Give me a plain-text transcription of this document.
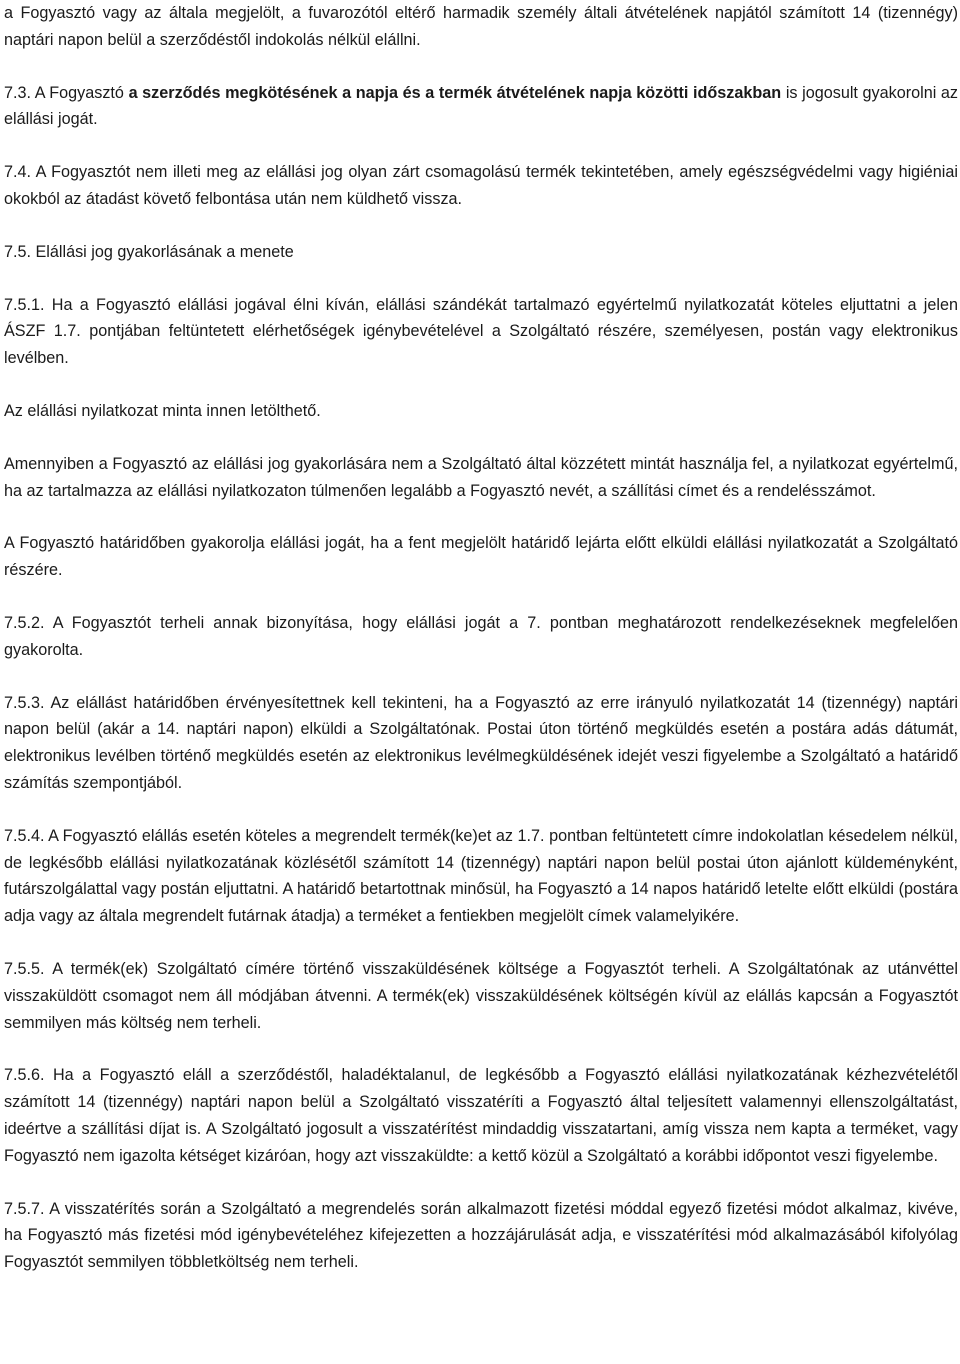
a Fogyasztó vagy az általa megjelölt, a fuvarozótól eltérő harmadik személy általi átvételének napjától számított 14 (tizennégy) naptári napon belül a szerződéstől indokolás nélkül elállni.

7.3. A Fogyasztó a szerződés megkötésének a napja és a termék átvételének napja közötti időszakban is jogosult gyakorolni az elállási jogát.

7.4. A Fogyasztót nem illeti meg az elállási jog olyan zárt csomagolású termék tekintetében, amely egészségvédelmi vagy higiéniai okokból az átadást követő felbontása után nem küldhető vissza.

7.5. Elállási jog gyakorlásának a menete

7.5.1. Ha a Fogyasztó elállási jogával élni kíván, elállási szándékát tartalmazó egyértelmű nyilatkozatát köteles eljuttatni a jelen ÁSZF 1.7. pontjában feltüntetett elérhetőségek igénybevételével a Szolgáltató részére, személyesen, postán vagy elektronikus levélben.

Az elállási nyilatkozat minta innen letölthető.

Amennyiben a Fogyasztó az elállási jog gyakorlására nem a Szolgáltató által közzétett mintát használja fel, a nyilatkozat egyértelmű, ha az tartalmazza az elállási nyilatkozaton túlmenően legalább a Fogyasztó nevét, a szállítási címet és a rendelésszámot.

A Fogyasztó határidőben gyakorolja elállási jogát, ha a fent megjelölt határidő lejárta előtt elküldi elállási nyilatkozatát a Szolgáltató részére.

7.5.2. A Fogyasztót terheli annak bizonyítása, hogy elállási jogát a 7. pontban meghatározott rendelkezéseknek megfelelően gyakorolta.

7.5.3. Az elállást határidőben érvényesítettnek kell tekinteni, ha a Fogyasztó az erre irányuló nyilatkozatát 14 (tizennégy) naptári napon belül (akár a 14. naptári napon) elküldi a Szolgáltatónak. Postai úton történő megküldés esetén a postára adás dátumát, elektronikus levélben történő megküldés esetén az elektronikus levélmegküldésének idejét veszi figyelembe a Szolgáltató a határidő számítás szempontjából.

7.5.4. A Fogyasztó elállás esetén köteles a megrendelt termék(ke)et az 1.7. pontban feltüntetett címre indokolatlan késedelem nélkül, de legkésőbb elállási nyilatkozatának közlésétől számított 14 (tizennégy) naptári napon belül postai úton ajánlott küldeményként, futárszolgálattal vagy postán eljuttatni. A határidő betartottnak minősül, ha Fogyasztó a 14 napos határidő letelte előtt elküldi (postára adja vagy az általa megrendelt futárnak átadja) a terméket a fentiekben megjelölt címek valamelyikére.

7.5.5. A termék(ek) Szolgáltató címére történő visszaküldésének költsége a Fogyasztót terheli. A Szolgáltatónak az utánvéttel visszaküldött csomagot nem áll módjában átvenni. A termék(ek) visszaküldésének költségén kívül az elállás kapcsán a Fogyasztót semmilyen más költség nem terheli.

7.5.6. Ha a Fogyasztó eláll a szerződéstől, haladéktalanul, de legkésőbb a Fogyasztó elállási nyilatkozatának kézhezvételétől számított 14 (tizennégy) naptári napon belül a Szolgáltató visszatéríti a Fogyasztó által teljesített valamennyi ellenszolgáltatást, ideértve a szállítási díjat is. A Szolgáltató jogosult a visszatérítést mindaddig visszatartani, amíg vissza nem kapta a terméket, vagy Fogyasztó nem igazolta kétséget kizáróan, hogy azt visszaküldte: a kettő közül a Szolgáltató a korábbi időpontot veszi figyelembe.

7.5.7. A visszatérítés során a Szolgáltató a megrendelés során alkalmazott fizetési móddal egyező fizetési módot alkalmaz, kivéve, ha Fogyasztó más fizetési mód igénybevételéhez kifejezetten a hozzájárulását adja, e visszatérítési mód alkalmazásából kifolyólag Fogyasztót semmilyen többletköltség nem terheli.
